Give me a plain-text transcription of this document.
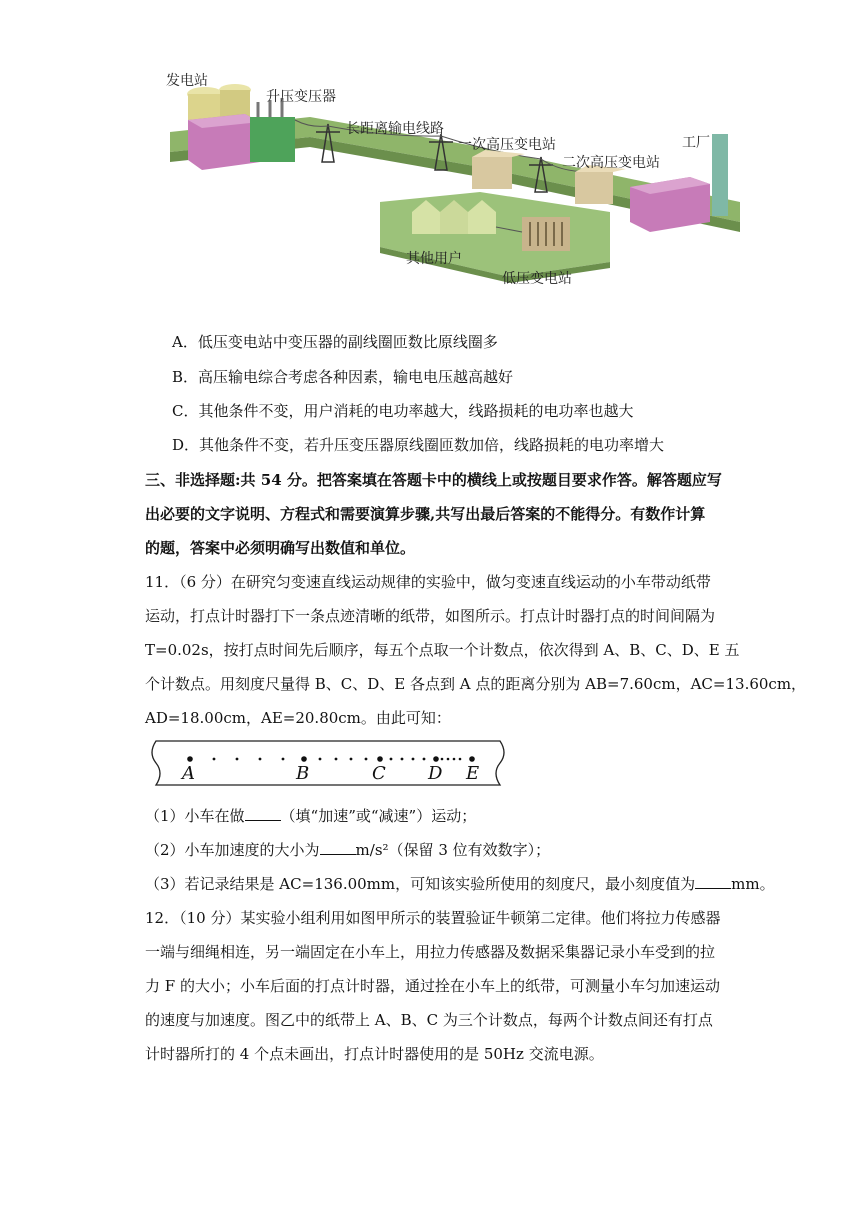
发电站
升压变压器
长距离输电线路
一次高压变电站
二次高压变电站
工厂
其他用户
低压变电站
A．低压变电站中变压器的副线圈匝数比原线圈多
B．高压输电综合考虑各种因素，输电电压越高越好
C．其他条件不变，用户消耗的电功率越大，线路损耗的电功率也越大
D．其他条件不变，若升压变压器原线圈匝数加倍，线路损耗的电功率增大
三、非选择题:共 54 分。把答案填在答题卡中的横线上或按题目要求作答。解答题应写
出必要的文字说明、方程式和需要演算步骤,共写出最后答案的不能得分。有数作计算
的题，答案中必须明确写出数值和单位。
11．（6 分）在研究匀变速直线运动规律的实验中，做匀变速直线运动的小车带动纸带
运动，打点计时器打下一条点迹清晰的纸带，如图所示。打点计时器打点的时间间隔为
T=0.02s，按打点时间先后顺序，每五个点取一个计数点，依次得到 A、B、C、D、E 五
个计数点。用刻度尺量得 B、C、D、E 各点到 A 点的距离分别为 AB=7.60cm，AC=13.60cm，
AD=18.00cm，AE=20.80cm。由此可知：
A	B	C D E
（1）小车在做 （填“加速”或“减速”）运动；
（2）小车加速度的大小为 m/s²（保留 3 位有效数字）；
（3）若记录结果是 AC=136.00mm，可知该实验所使用的刻度尺，最小刻度值为 mm。
12．（10 分）某实验小组利用如图甲所示的装置验证牛顿第二定律。他们将拉力传感器
一端与细绳相连，另一端固定在小车上，用拉力传感器及数据采集器记录小车受到的拉
力 F 的大小；小车后面的打点计时器，通过拴在小车上的纸带，可测量小车匀加速运动
的速度与加速度。图乙中的纸带上 A、B、C 为三个计数点，每两个计数点间还有打点
计时器所打的 4 个点未画出，打点计时器使用的是 50Hz 交流电源。
